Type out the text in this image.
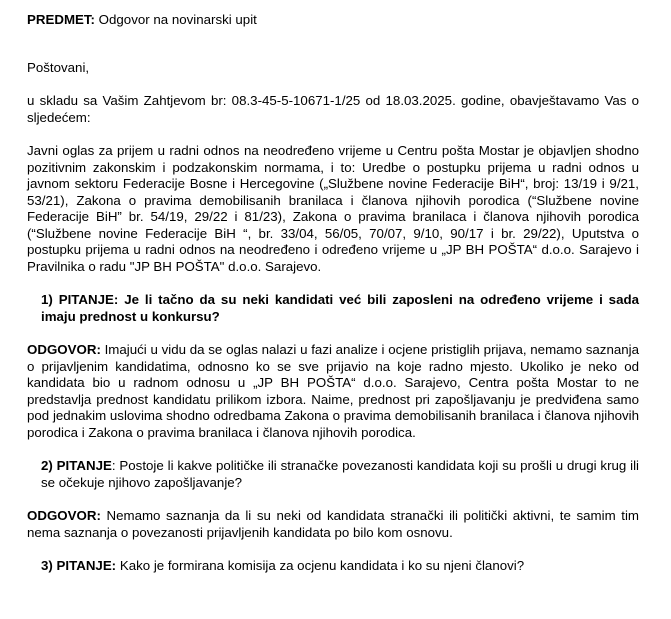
PREDMET: Odgovor na novinarski upit

Poštovani,

u skladu sa Vašim Zahtjevom br: 08.3-45-5-10671-1/25 od 18.03.2025. godine, obavještavamo Vas o sljedećem:

Javni oglas za prijem u radni odnos na neodređeno vrijeme u Centru pošta Mostar je objavljen shodno pozitivnim zakonskim i podzakonskim normama, i to: Uredbe o postupku prijema u radni odnos u javnom sektoru Federacije Bosne i Hercegovine („Službene novine Federacije BiH“, broj: 13/19 i 9/21, 53/21), Zakona o pravima demobilisanih branilaca i članova njihovih porodica (“Službene novine Federacije BiH” br. 54/19, 29/22 i 81/23), Zakona o pravima branilaca i članova njihovih porodica (“Službene novine Federacije BiH “, br. 33/04, 56/05, 70/07, 9/10, 90/17 i br. 29/22), Uputstva o postupku prijema u radni odnos na neodređeno i određeno vrijeme u „JP BH POŠTA“ d.o.o. Sarajevo i Pravilnika o radu "JP BH POŠTA" d.o.o. Sarajevo.

1) PITANJE: Je li tačno da su neki kandidati već bili zaposleni na određeno vrijeme i sada imaju prednost u konkursu?

ODGOVOR: Imajući u vidu da se oglas nalazi u fazi analize i ocjene pristiglih prijava, nemamo saznanja o prijavljenim kandidatima, odnosno ko se sve prijavio na koje radno mjesto. Ukoliko je neko od kandidata bio u radnom odnosu u „JP BH POŠTA“ d.o.o. Sarajevo, Centra pošta Mostar to ne predstavlja prednost kandidatu prilikom izbora. Naime, prednost pri zapošljavanju je predviđena samo pod jednakim uslovima shodno odredbama Zakona o pravima demobilisanih branilaca i članova njihovih porodica i Zakona o pravima branilaca i članova njihovih porodica.

2) PITANJE: Postoje li kakve političke ili stranačke povezanosti kandidata koji su prošli u drugi krug ili se očekuje njihovo zapošljavanje?

ODGOVOR: Nemamo saznanja da li su neki od kandidata stranački ili politički aktivni, te samim tim nema saznanja o povezanosti prijavljenih kandidata po bilo kom osnovu.

3) PITANJE: Kako je formirana komisija za ocjenu kandidata i ko su njeni članovi?
